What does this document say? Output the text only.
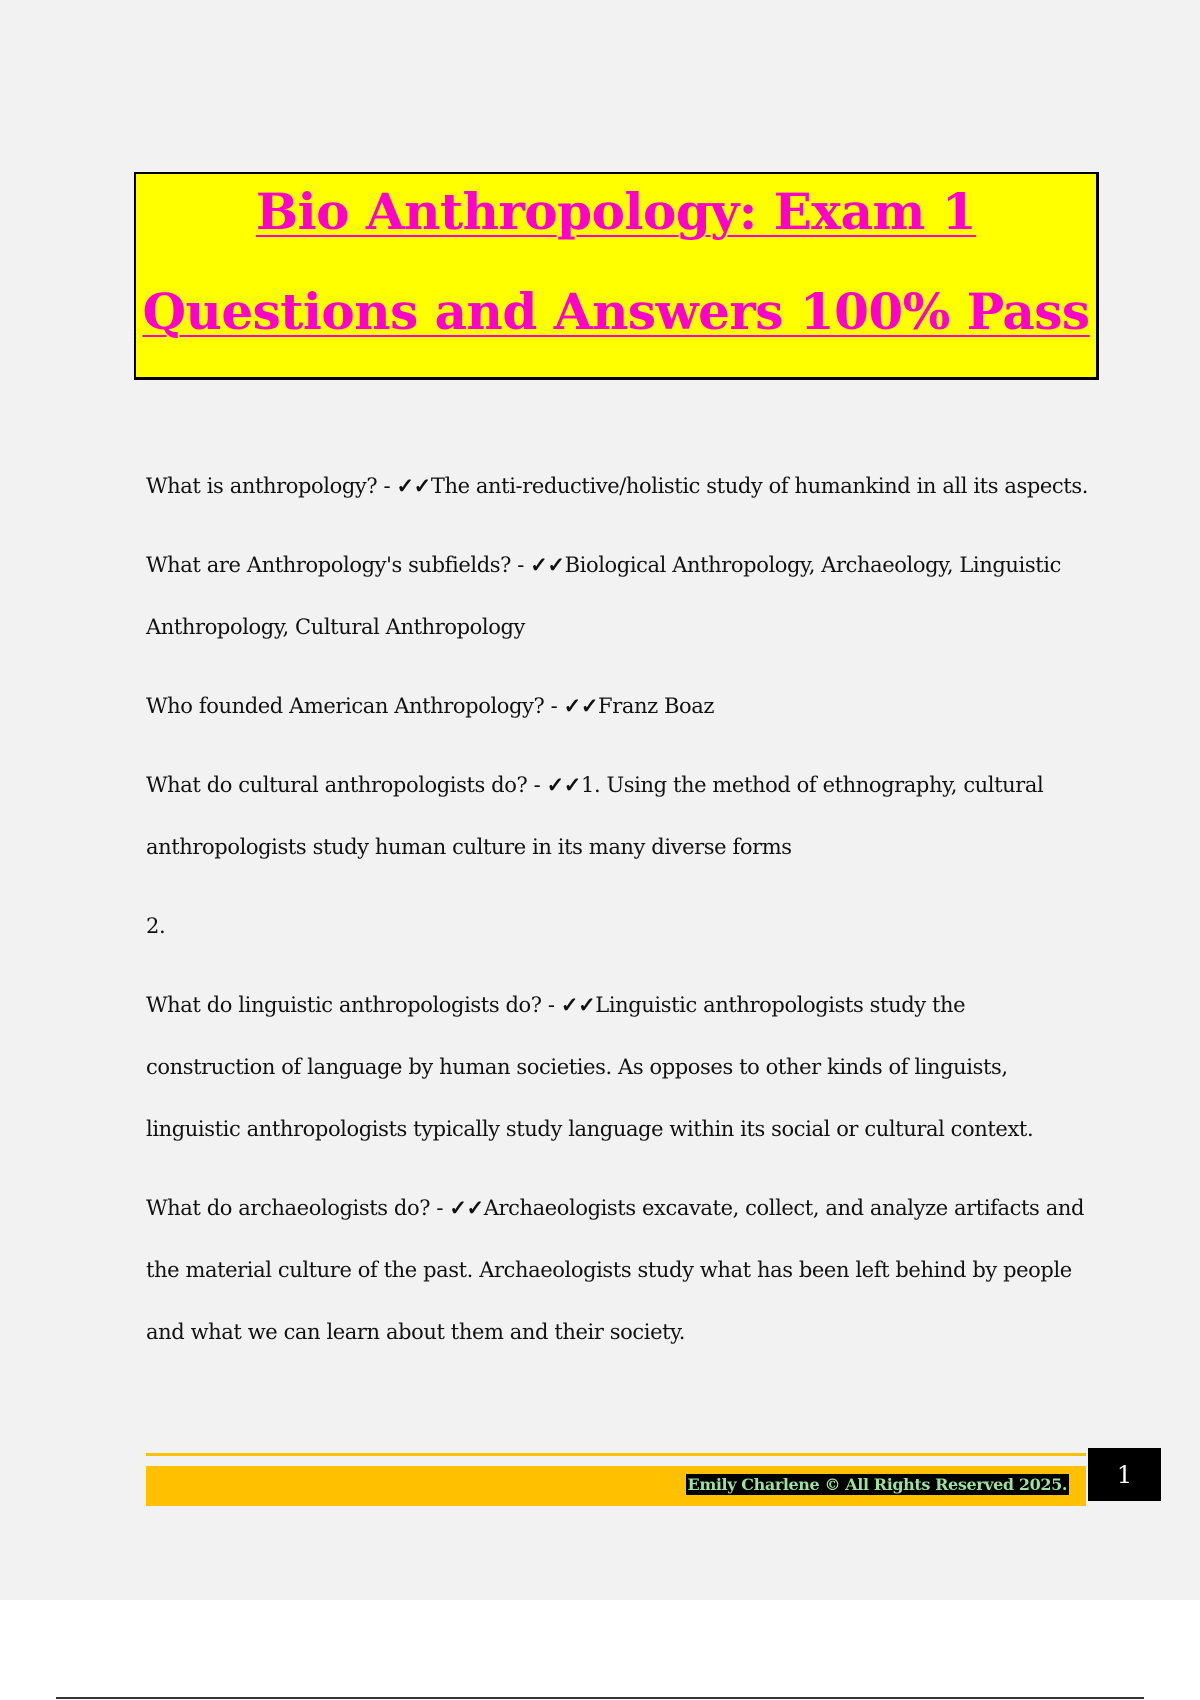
Bio Anthropology: Exam 1
Questions and Answers 100% Pass

What is anthropology? - ✓✓The anti-reductive/holistic study of humankind in all its aspects.

What are Anthropology's subfields? - ✓✓Biological Anthropology, Archaeology, Linguistic Anthropology, Cultural Anthropology

Who founded American Anthropology? - ✓✓Franz Boaz

What do cultural anthropologists do? - ✓✓1. Using the method of ethnography, cultural anthropologists study human culture in its many diverse forms

2.

What do linguistic anthropologists do? - ✓✓Linguistic anthropologists study the construction of language by human societies. As opposes to other kinds of linguists, linguistic anthropologists typically study language within its social or cultural context.

What do archaeologists do? - ✓✓Archaeologists excavate, collect, and analyze artifacts and the material culture of the past. Archaeologists study what has been left behind by people and what we can learn about them and their society.

Emily Charlene © All Rights Reserved 2025.	1
